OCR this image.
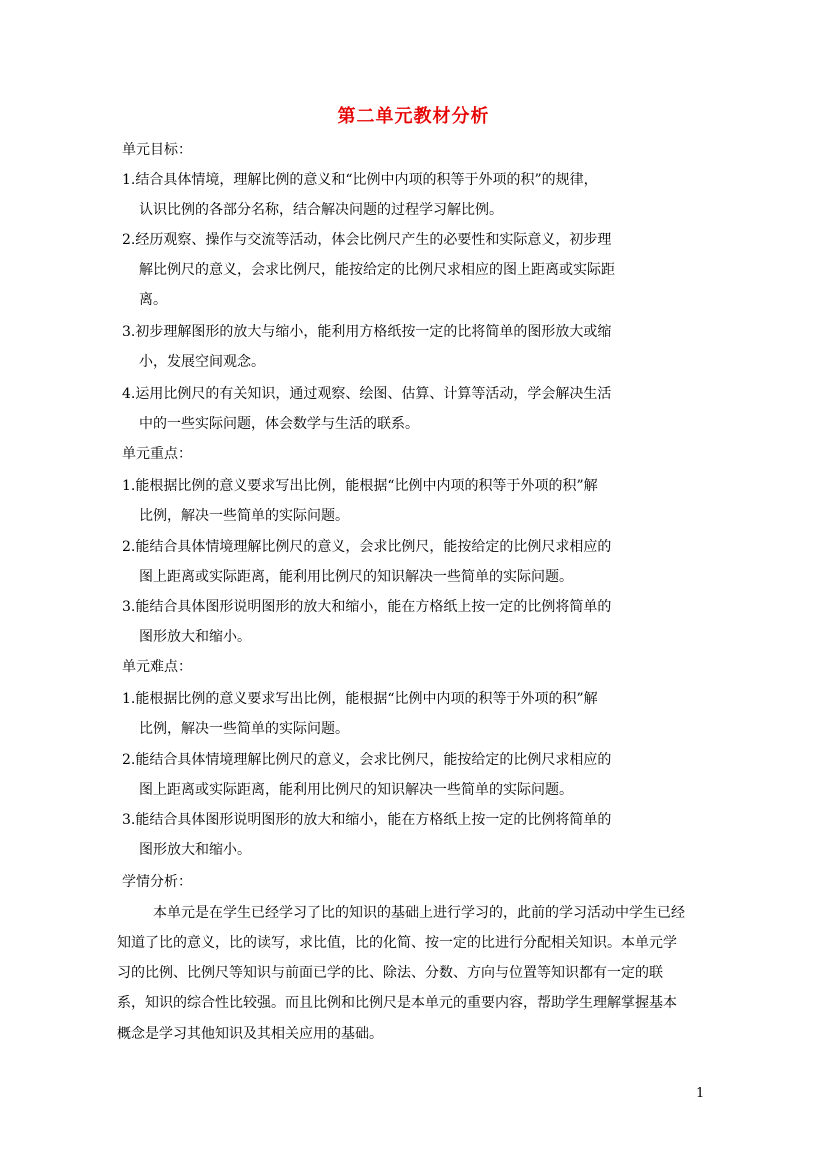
第二单元教材分析
单元目标：
1.结合具体情境，理解比例的意义和“比例中内项的积等于外项的积”的规律，
认识比例的各部分名称，结合解决问题的过程学习解比例。
2.经历观察、操作与交流等活动，体会比例尺产生的必要性和实际意义，初步理
解比例尺的意义，会求比例尺，能按给定的比例尺求相应的图上距离或实际距
离。
3.初步理解图形的放大与缩小，能利用方格纸按一定的比将简单的图形放大或缩
小，发展空间观念。
4.运用比例尺的有关知识，通过观察、绘图、估算、计算等活动，学会解决生活
中的一些实际问题，体会数学与生活的联系。
单元重点：
1.能根据比例的意义要求写出比例，能根据“比例中内项的积等于外项的积”解
比例，解决一些简单的实际问题。
2.能结合具体情境理解比例尺的意义，会求比例尺，能按给定的比例尺求相应的
图上距离或实际距离，能利用比例尺的知识解决一些简单的实际问题。
3.能结合具体图形说明图形的放大和缩小，能在方格纸上按一定的比例将简单的
图形放大和缩小。
单元难点：
1.能根据比例的意义要求写出比例，能根据“比例中内项的积等于外项的积”解
比例，解决一些简单的实际问题。
2.能结合具体情境理解比例尺的意义，会求比例尺，能按给定的比例尺求相应的
图上距离或实际距离，能利用比例尺的知识解决一些简单的实际问题。
3.能结合具体图形说明图形的放大和缩小，能在方格纸上按一定的比例将简单的
图形放大和缩小。
学情分析：
本单元是在学生已经学习了比的知识的基础上进行学习的，此前的学习活动中学生已经
知道了比的意义，比的读写，求比值，比的化简、按一定的比进行分配相关知识。本单元学
习的比例、比例尺等知识与前面已学的比、除法、分数、方向与位置等知识都有一定的联
系，知识的综合性比较强。而且比例和比例尺是本单元的重要内容，帮助学生理解掌握基本
概念是学习其他知识及其相关应用的基础。
1
